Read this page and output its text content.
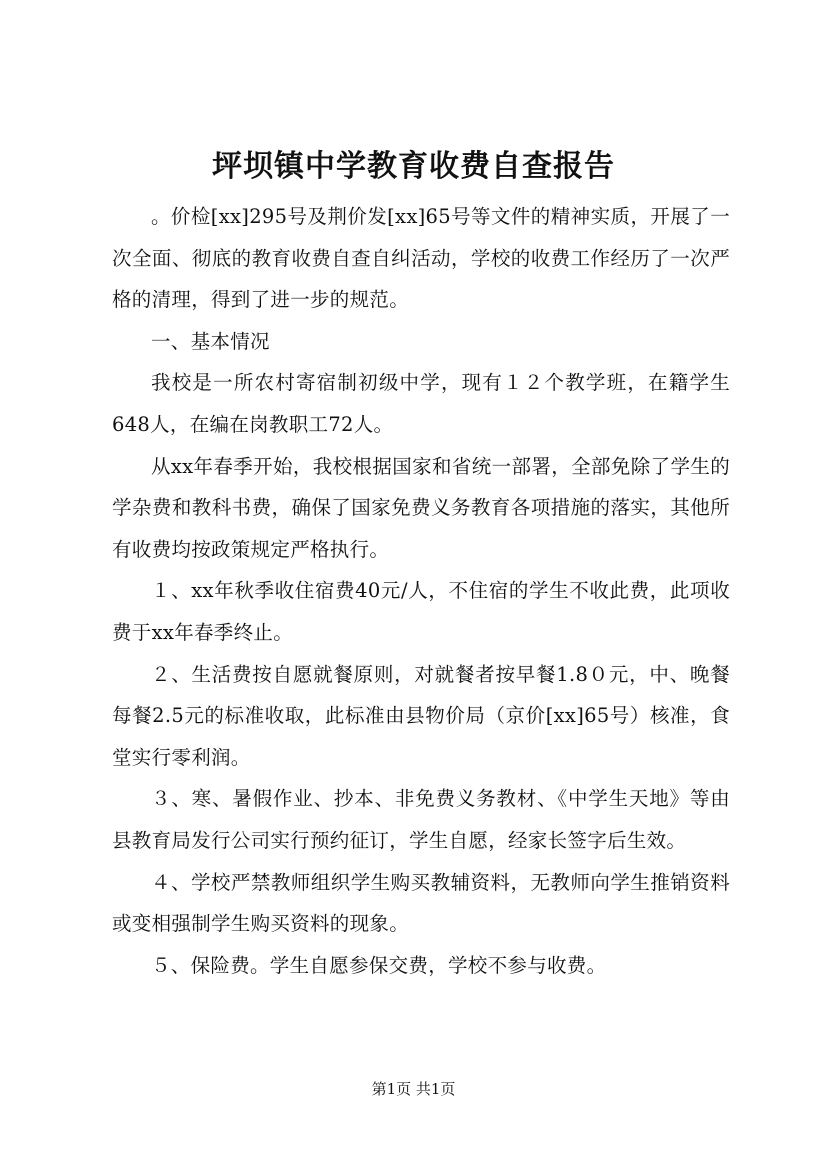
坪坝镇中学教育收费自查报告

。价检[xx]295号及荆价发[xx]65号等文件的精神实质，开展了一次全面、彻底的教育收费自查自纠活动，学校的收费工作经历了一次严格的清理，得到了进一步的规范。

一、基本情况

我校是一所农村寄宿制初级中学，现有１２个教学班，在籍学生648人，在编在岗教职工72人。

从xx年春季开始，我校根据国家和省统一部署，全部免除了学生的学杂费和教科书费，确保了国家免费义务教育各项措施的落实，其他所有收费均按政策规定严格执行。

１、xx年秋季收住宿费40元/人，不住宿的学生不收此费，此项收费于xx年春季终止。

２、生活费按自愿就餐原则，对就餐者按早餐1.8０元，中、晚餐每餐2.5元的标准收取，此标准由县物价局（京价[xx]65号）核准，食堂实行零利润。

３、寒、暑假作业、抄本、非免费义务教材、《中学生天地》等由县教育局发行公司实行预约征订，学生自愿，经家长签字后生效。

４、学校严禁教师组织学生购买教辅资料，无教师向学生推销资料或变相强制学生购买资料的现象。

５、保险费。学生自愿参保交费，学校不参与收费。

第1页 共1页
